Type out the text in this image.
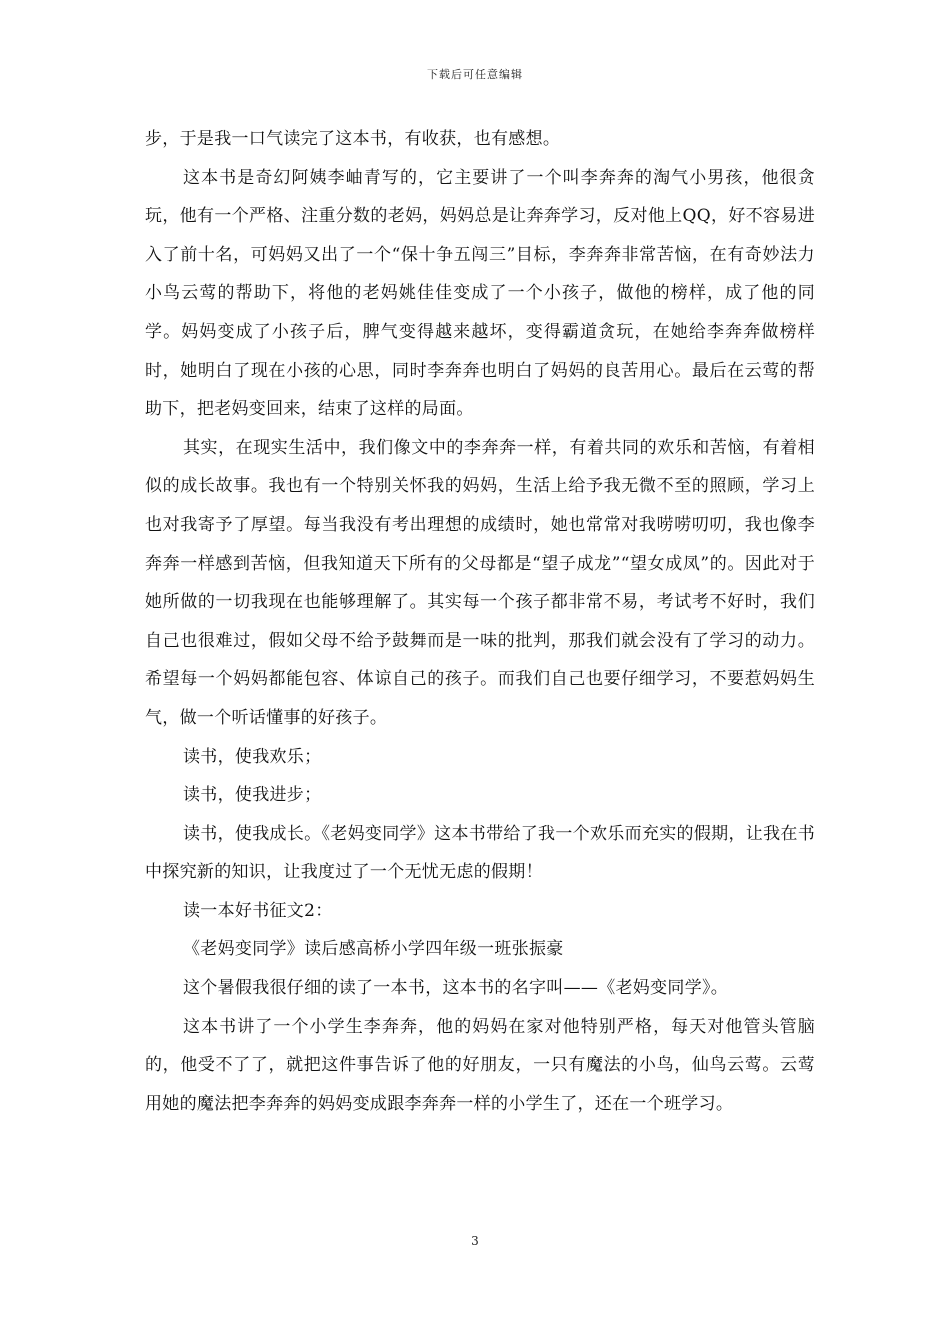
下载后可任意编辑

步，于是我一口气读完了这本书，有收获，也有感想。

这本书是奇幻阿姨李岫青写的，它主要讲了一个叫李奔奔的淘气小男孩，他很贪玩，他有一个严格、注重分数的老妈，妈妈总是让奔奔学习，反对他上QQ，好不容易进入了前十名，可妈妈又出了一个“保十争五闯三”目标，李奔奔非常苦恼，在有奇妙法力小鸟云莺的帮助下，将他的老妈姚佳佳变成了一个小孩子，做他的榜样，成了他的同学。妈妈变成了小孩子后，脾气变得越来越坏，变得霸道贪玩，在她给李奔奔做榜样时，她明白了现在小孩的心思，同时李奔奔也明白了妈妈的良苦用心。最后在云莺的帮助下，把老妈变回来，结束了这样的局面。

其实，在现实生活中，我们像文中的李奔奔一样，有着共同的欢乐和苦恼，有着相似的成长故事。我也有一个特别关怀我的妈妈，生活上给予我无微不至的照顾，学习上也对我寄予了厚望。每当我没有考出理想的成绩时，她也常常对我唠唠叨叨，我也像李奔奔一样感到苦恼，但我知道天下所有的父母都是“望子成龙”“望女成凤”的。因此对于她所做的一切我现在也能够理解了。其实每一个孩子都非常不易，考试考不好时，我们自己也很难过，假如父母不给予鼓舞而是一味的批判，那我们就会没有了学习的动力。希望每一个妈妈都能包容、体谅自己的孩子。而我们自己也要仔细学习，不要惹妈妈生气，做一个听话懂事的好孩子。

读书，使我欢乐；

读书，使我进步；

读书，使我成长。《老妈变同学》这本书带给了我一个欢乐而充实的假期，让我在书中探究新的知识，让我度过了一个无忧无虑的假期！

读一本好书征文2：

《老妈变同学》读后感高桥小学四年级一班张振豪

这个暑假我很仔细的读了一本书，这本书的名字叫——《老妈变同学》。

这本书讲了一个小学生李奔奔，他的妈妈在家对他特别严格，每天对他管头管脑的，他受不了了，就把这件事告诉了他的好朋友，一只有魔法的小鸟，仙鸟云莺。云莺用她的魔法把李奔奔的妈妈变成跟李奔奔一样的小学生了，还在一个班学习。

3
